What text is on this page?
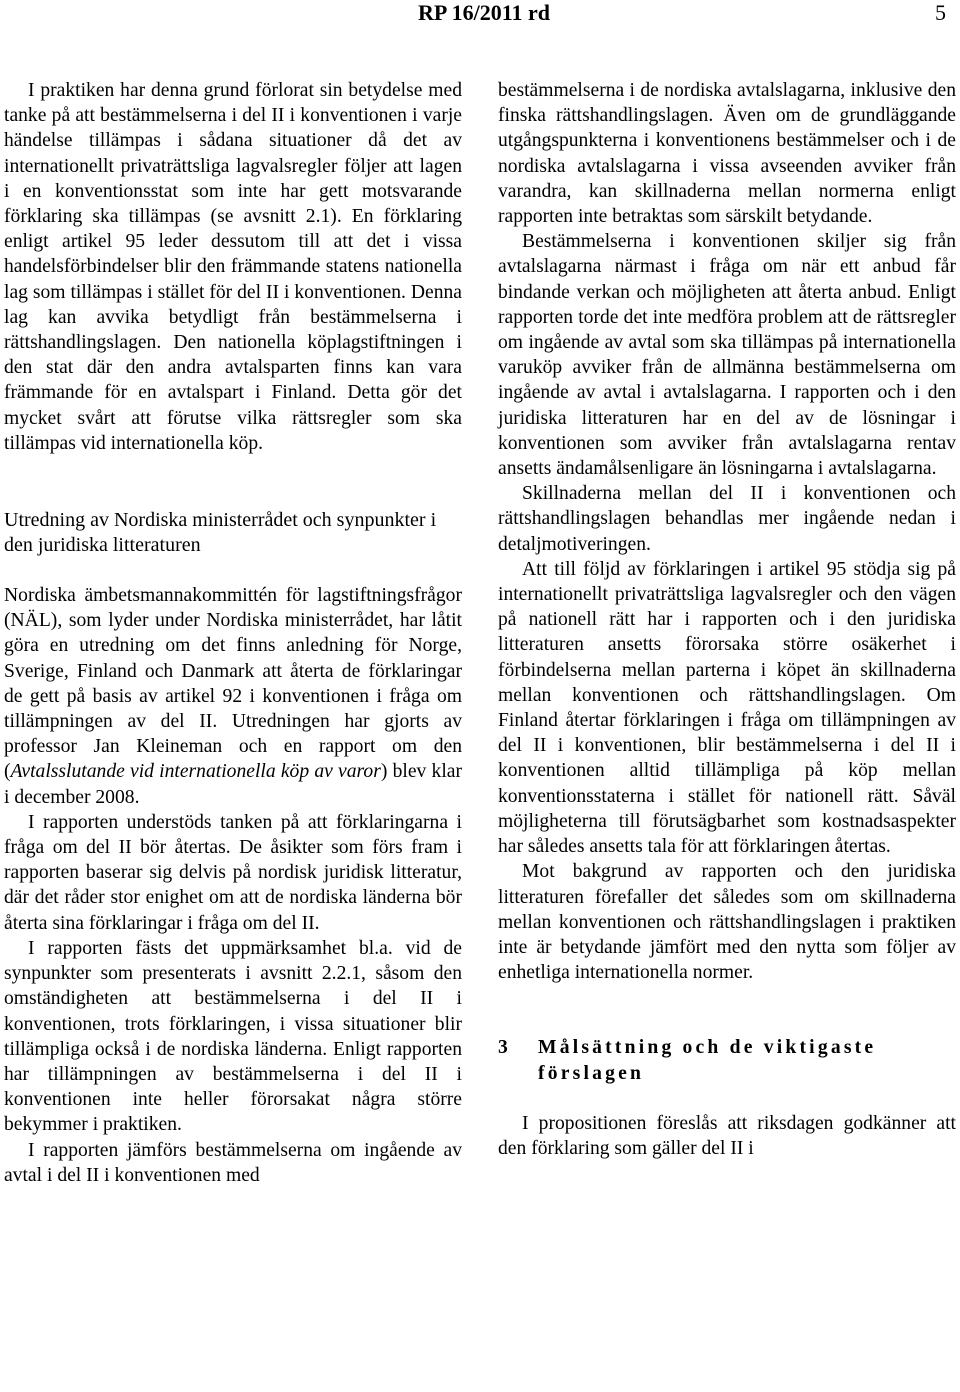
RP 16/2011 rd	5

I praktiken har denna grund förlorat sin betydelse med tanke på att bestämmelserna i del II i konventionen i varje händelse tillämpas i sådana situationer då det av internationellt privaträttsliga lagvalsregler följer att lagen i en konventionsstat som inte har gett motsvarande förklaring ska tillämpas (se avsnitt 2.1). En förklaring enligt artikel 95 leder dessutom till att det i vissa handelsförbindelser blir den främmande statens nationella lag som tillämpas i stället för del II i konventionen. Denna lag kan avvika betydligt från bestämmelserna i rättshandlingslagen. Den nationella köplagstiftningen i den stat där den andra avtalsparten finns kan vara främmande för en avtalspart i Finland. Detta gör det mycket svårt att förutse vilka rättsregler som ska tillämpas vid internationella köp.

Utredning av Nordiska ministerrådet och synpunkter i den juridiska litteraturen

Nordiska ämbetsmannakommittén för lagstiftningsfrågor (NÄL), som lyder under Nordiska ministerrådet, har låtit göra en utredning om det finns anledning för Norge, Sverige, Finland och Danmark att återta de förklaringar de gett på basis av artikel 92 i konventionen i fråga om tillämpningen av del II. Utredningen har gjorts av professor Jan Kleineman och en rapport om den (Avtalsslutande vid internationella köp av varor) blev klar i december 2008.

I rapporten understöds tanken på att förklaringarna i fråga om del II bör återtas. De åsikter som förs fram i rapporten baserar sig delvis på nordisk juridisk litteratur, där det råder stor enighet om att de nordiska länderna bör återta sina förklaringar i fråga om del II.

I rapporten fästs det uppmärksamhet bl.a. vid de synpunkter som presenterats i avsnitt 2.2.1, såsom den omständigheten att bestämmelserna i del II i konventionen, trots förklaringen, i vissa situationer blir tillämpliga också i de nordiska länderna. Enligt rapporten har tillämpningen av bestämmelserna i del II i konventionen inte heller förorsakat några större bekymmer i praktiken.

I rapporten jämförs bestämmelserna om ingående av avtal i del II i konventionen med

bestämmelserna i de nordiska avtalslagarna, inklusive den finska rättshandlingslagen. Även om de grundläggande utgångspunkterna i konventionens bestämmelser och i de nordiska avtalslagarna i vissa avseenden avviker från varandra, kan skillnaderna mellan normerna enligt rapporten inte betraktas som särskilt betydande.

Bestämmelserna i konventionen skiljer sig från avtalslagarna närmast i fråga om när ett anbud får bindande verkan och möjligheten att återta anbud. Enligt rapporten torde det inte medföra problem att de rättsregler om ingående av avtal som ska tillämpas på internationella varuköp avviker från de allmänna bestämmelserna om ingående av avtal i avtalslagarna. I rapporten och i den juridiska litteraturen har en del av de lösningar i konventionen som avviker från avtalslagarna rentav ansetts ändamålsenligare än lösningarna i avtalslagarna.

Skillnaderna mellan del II i konventionen och rättshandlingslagen behandlas mer ingående nedan i detaljmotiveringen.

Att till följd av förklaringen i artikel 95 stödja sig på internationellt privaträttsliga lagvalsregler och den vägen på nationell rätt har i rapporten och i den juridiska litteraturen ansetts förorsaka större osäkerhet i förbindelserna mellan parterna i köpet än skillnaderna mellan konventionen och rättshandlingslagen. Om Finland återtar förklaringen i fråga om tillämpningen av del II i konventionen, blir bestämmelserna i del II i konventionen alltid tillämpliga på köp mellan konventionsstaterna i stället för nationell rätt. Såväl möjligheterna till förutsägbarhet som kostnadsaspekter har således ansetts tala för att förklaringen återtas.

Mot bakgrund av rapporten och den juridiska litteraturen förefaller det således som om skillnaderna mellan konventionen och rättshandlingslagen i praktiken inte är betydande jämfört med den nytta som följer av enhetliga internationella normer.

3	Målsättning och de viktigaste förslagen

I propositionen föreslås att riksdagen godkänner att den förklaring som gäller del II i
